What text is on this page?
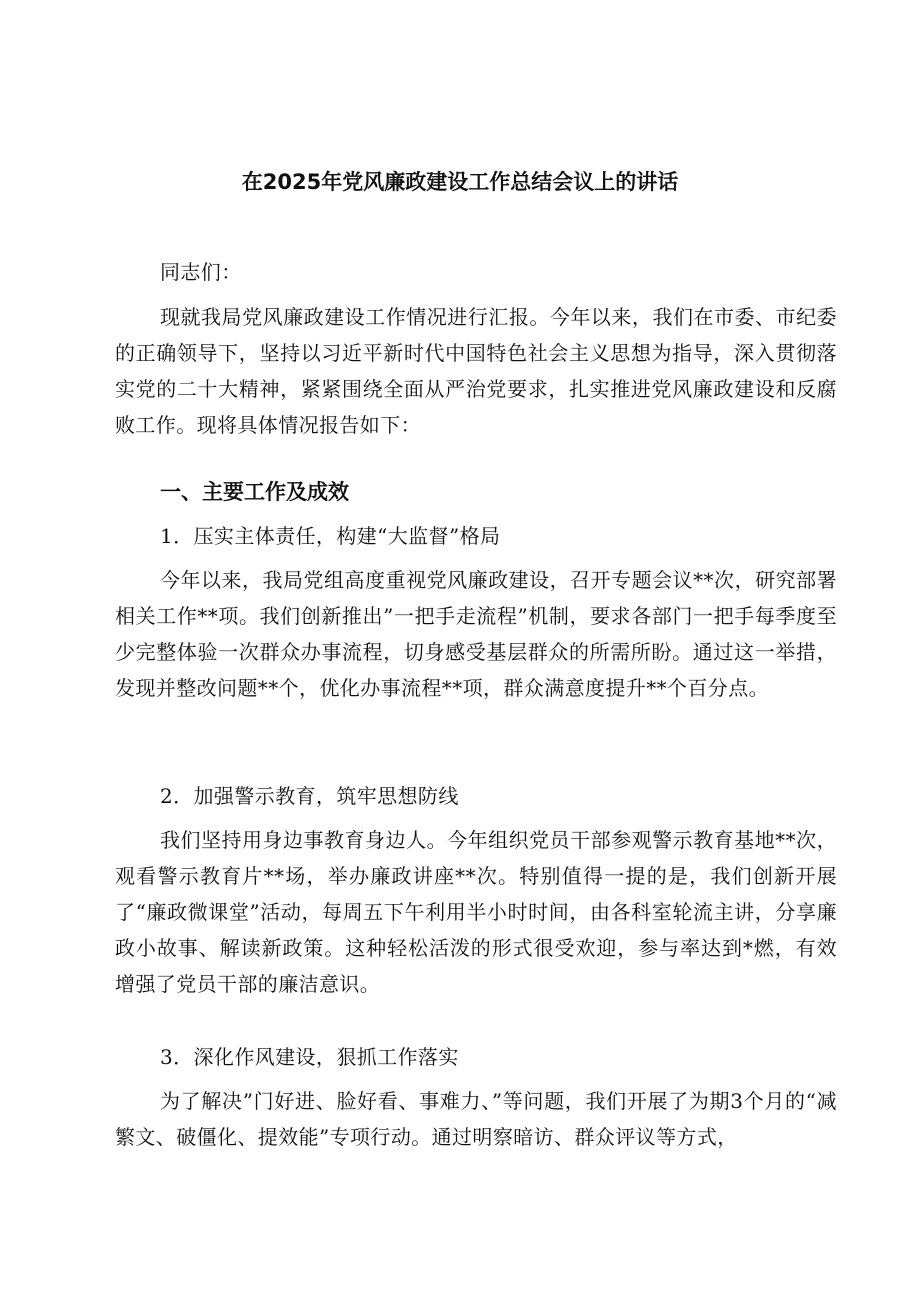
在2025年党风廉政建设工作总结会议上的讲话

同志们：

现就我局党风廉政建设工作情况进行汇报。今年以来，我们在市委、市纪委的正确领导下，坚持以习近平新时代中国特色社会主义思想为指导，深入贯彻落实党的二十大精神，紧紧围绕全面从严治党要求，扎实推进党风廉政建设和反腐败工作。现将具体情况报告如下：

一、主要工作及成效

1．压实主体责任，构建“大监督”格局

今年以来，我局党组高度重视党风廉政建设，召开专题会议**次，研究部署相关工作**项。我们创新推出”一把手走流程”机制，要求各部门一把手每季度至少完整体验一次群众办事流程，切身感受基层群众的所需所盼。通过这一举措，发现并整改问题**个，优化办事流程**项，群众满意度提升**个百分点。

2．加强警示教育，筑牢思想防线

我们坚持用身边事教育身边人。今年组织党员干部参观警示教育基地**次，观看警示教育片**场，举办廉政讲座**次。特别值得一提的是，我们创新开展了“廉政微课堂”活动，每周五下午利用半小时时间，由各科室轮流主讲，分享廉政小故事、解读新政策。这种轻松活泼的形式很受欢迎，参与率达到*燃，有效增强了党员干部的廉洁意识。

3．深化作风建设，狠抓工作落实

为了解决”门好进、脸好看、事难力、”等问题，我们开展了为期3个月的“减繁文、破僵化、提效能”专项行动。通过明察暗访、群众评议等方式，
